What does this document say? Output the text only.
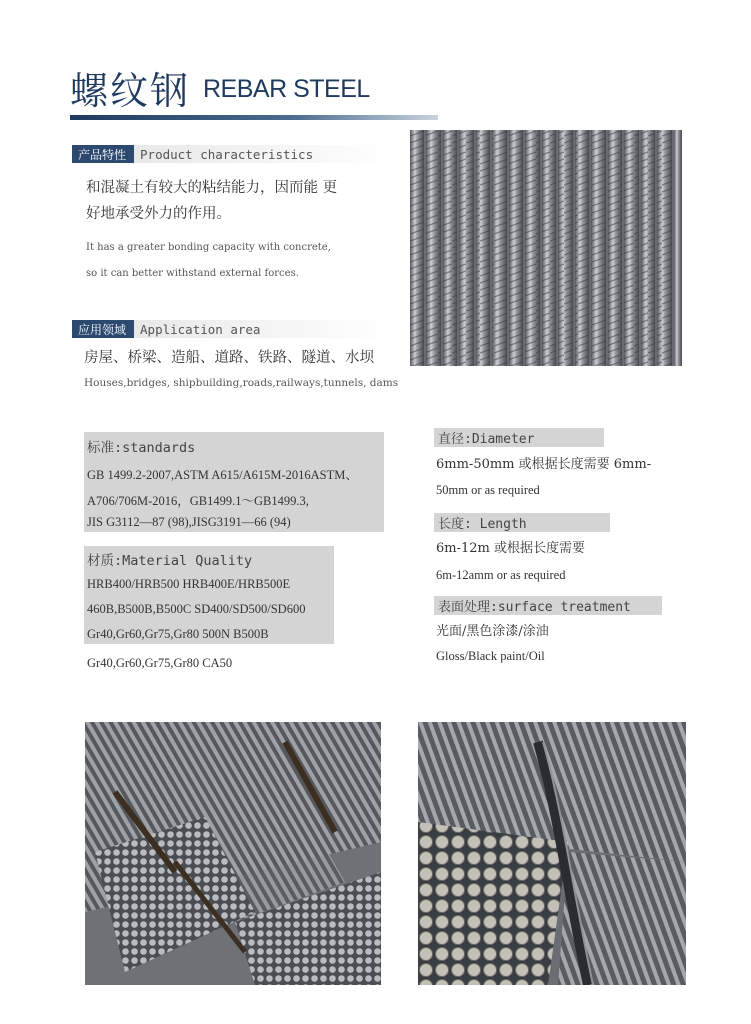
螺纹钢 REBAR STEEL
产品特性	Product characteristics
和混凝土有较大的粘结能力，因而能 更
好地承受外力的作用。
It has a greater bonding capacity with concrete,
so it can better withstand external forces.
应用领域	Application area
房屋、桥梁、造船、道路、铁路、隧道、水坝
Houses,bridges, shipbuilding,roads,railways,tunnels, dams
标准:standards
GB 1499.2-2007,ASTM A615/A615M-2016ASTM、
A706/706M-2016，GB1499.1～GB1499.3,
JIS G3112—87 (98),JISG3191—66 (94)
材质:Material Quality
HRB400/HRB500 HRB400E/HRB500E
460B,B500B,B500C SD400/SD500/SD600
Gr40,Gr60,Gr75,Gr80 500N B500B
Gr40,Gr60,Gr75,Gr80 CA50
直径:Diameter
6mm-50mm 或根据长度需要 6mm-
50mm or as required
长度: Length
6m-12m 或根据长度需要
6m-12amm or as required
表面处理:surface treatment
光面/黑色涂漆/涂油
Gloss/Black paint/Oil
